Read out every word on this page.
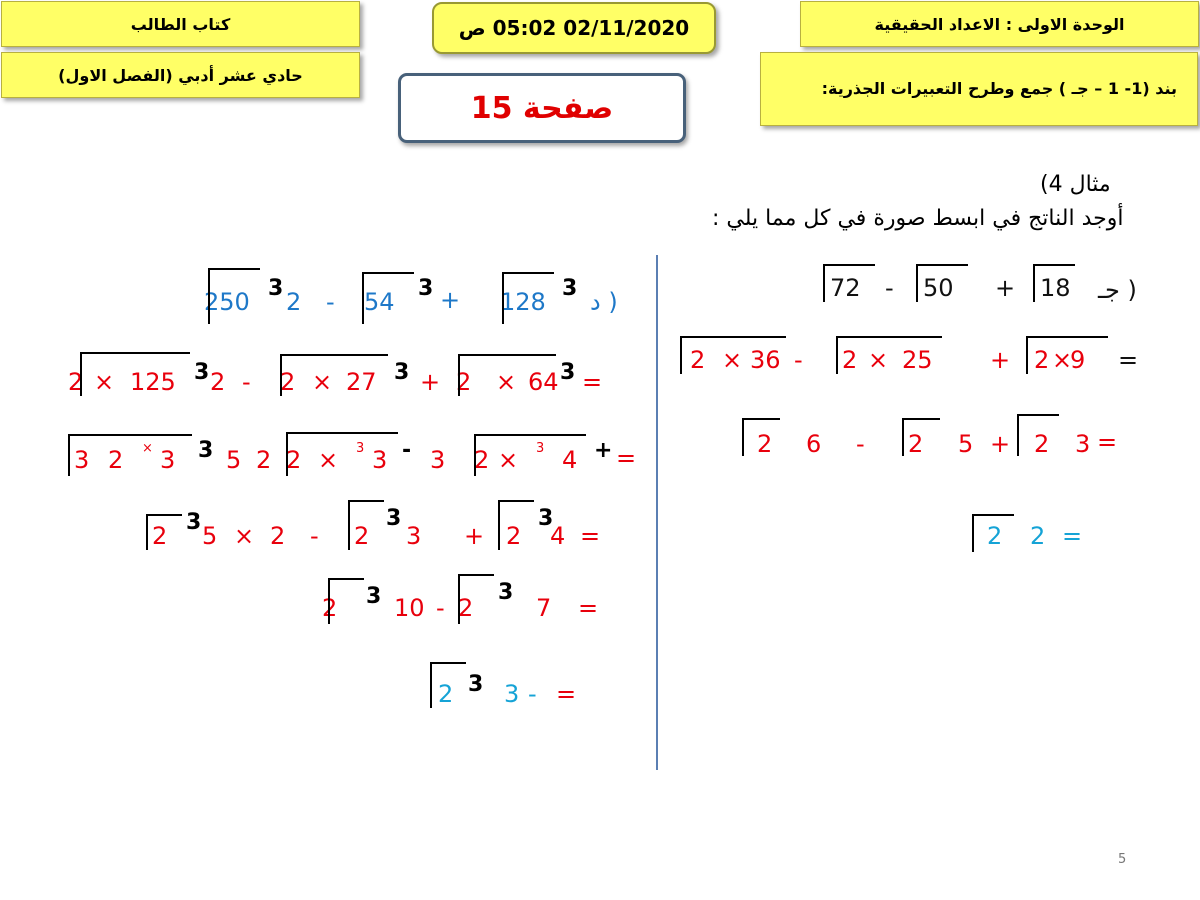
الوحدة الاولى : الاعداد الحقيقية
بند (1- 1 – جـ ) جمع وطرح التعبيرات الجذرية:
02/11/2020 05:02 ص
كتاب الطالب
حادي عشر أدبي (الفصل الاول)
صفحة 15
مثال 4)
أوجد الناتج في ابسط صورة في كل مما يلي :
جـ )
18
+
50
-
72
=
9
×
2
+
25
×
2
-
36
×
2
=
3
2
+
5
2
-
6
2
=
2
2
د )
3
128
+
3
54
-
3 2
250
=
3
64
×
2
+
3
27
×
2
-
2
3
125
×
2
=
+
4
3
×
2
3
-
3
3
×
2
2
5
3
3
×
2
3
=
4
3
2
+
3
3
2
-
2
×
5
3
2
=
7
3
2
-
10
3
2
=
-
3
3
2
5
